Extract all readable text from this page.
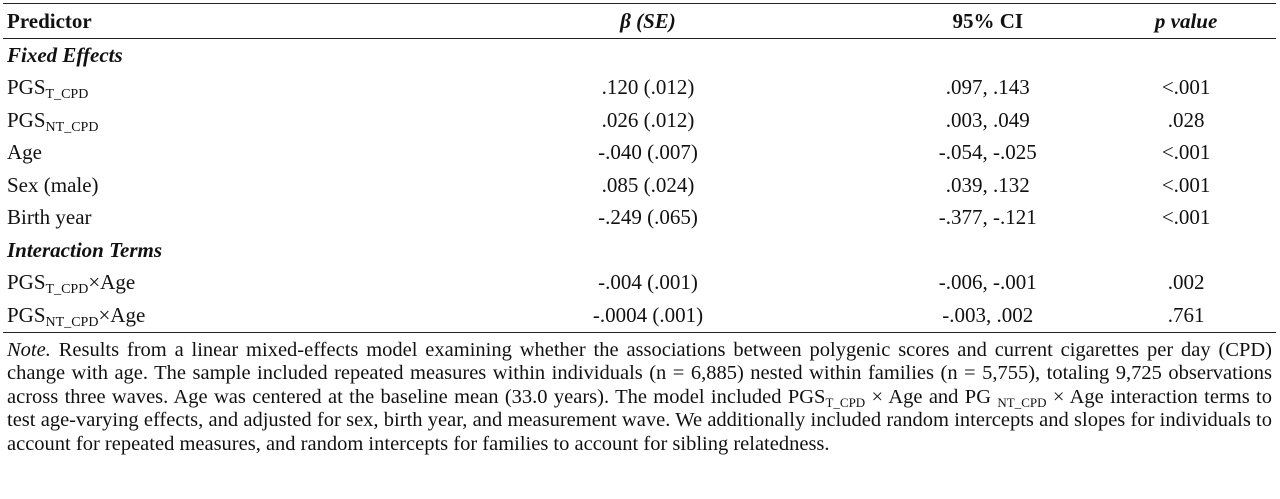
Predictor	β (SE)	95% CI	p value
Fixed Effects			
$PGS_{T\_CPD}$	.120 (.012)	.097, .143	<.001
$PGS_{NT\_CPD}$	.026 (.012)	.003, .049	.028
Age	-.040 (.007)	-.054, -.025	<.001
Sex (male)	.085 (.024)	.039, .132	<.001
Birth year	-.249 (.065)	-.377, -.121	<.001
Interaction Terms			
$PGS_{T\_CPD}\times Age$	-.004 (.001)	-.006, -.001	.002
$PGS_{NT\_CPD}\times Age$	-.0004 (.001)	-.003, .002	.761

Note. Results from a linear mixed-effects model examining whether the associations between polygenic scores and current cigarettes per day (CPD) change with age. The sample included repeated measures within individuals (n = 6,885) nested within families (n = 5,755), totaling 9,725 observations across three waves. Age was centered at the baseline mean (33.0 years). The model included $PGS_{T\_CPD}$ × Age and PG $_{NT\_CPD}$ × Age interaction terms to test age-varying effects, and adjusted for sex, birth year, and measurement wave. We additionally included random intercepts and slopes for individuals to account for repeated measures, and random intercepts for families to account for sibling relatedness.
